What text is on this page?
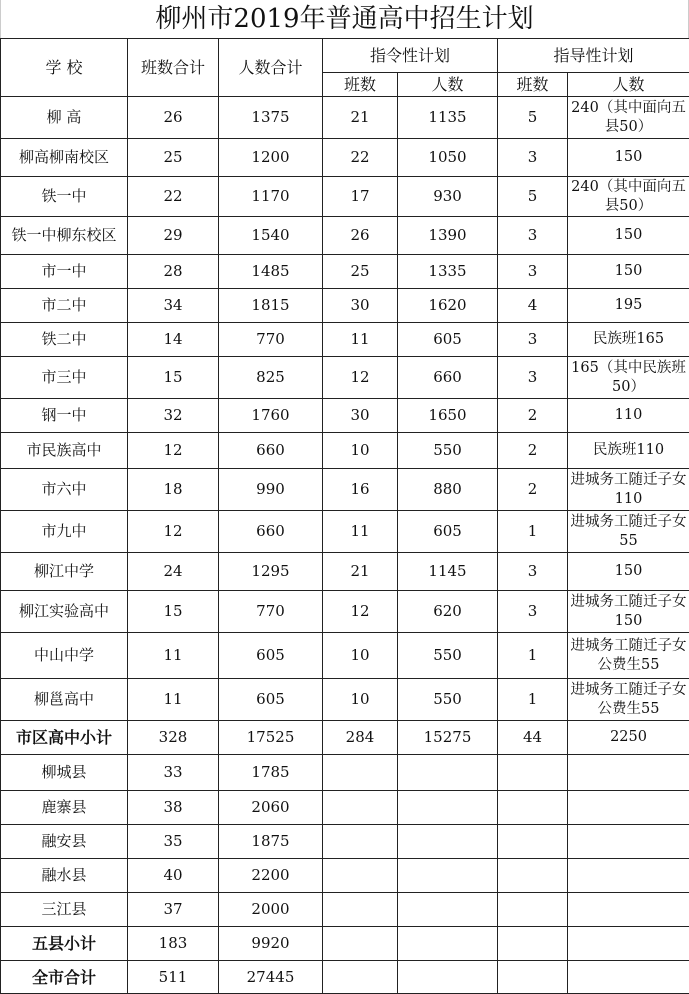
柳州市2019年普通高中招生计划
学 校	班数合计	人数合计	指令性计划		指导性计划	
			班数	人数	班数	人数
柳 高	26	1375	21	1135	5	240（其中面向五县50）
柳高柳南校区	25	1200	22	1050	3	150
铁一中	22	1170	17	930	5	240（其中面向五县50）
铁一中柳东校区	29	1540	26	1390	3	150
市一中	28	1485	25	1335	3	150
市二中	34	1815	30	1620	4	195
铁二中	14	770	11	605	3	民族班165
市三中	15	825	12	660	3	165（其中民族班50）
钢一中	32	1760	30	1650	2	110
市民族高中	12	660	10	550	2	民族班110
市六中	18	990	16	880	2	进城务工随迁子女110
市九中	12	660	11	605	1	进城务工随迁子女55
柳江中学	24	1295	21	1145	3	150
柳江实验高中	15	770	12	620	3	进城务工随迁子女150
中山中学	11	605	10	550	1	进城务工随迁子女公费生55
柳邕高中	11	605	10	550	1	进城务工随迁子女公费生55
市区高中小计	328	17525	284	15275	44	2250
柳城县	33	1785				
鹿寨县	38	2060				
融安县	35	1875				
融水县	40	2200				
三江县	37	2000				
五县小计	183	9920				
全市合计	511	27445				
